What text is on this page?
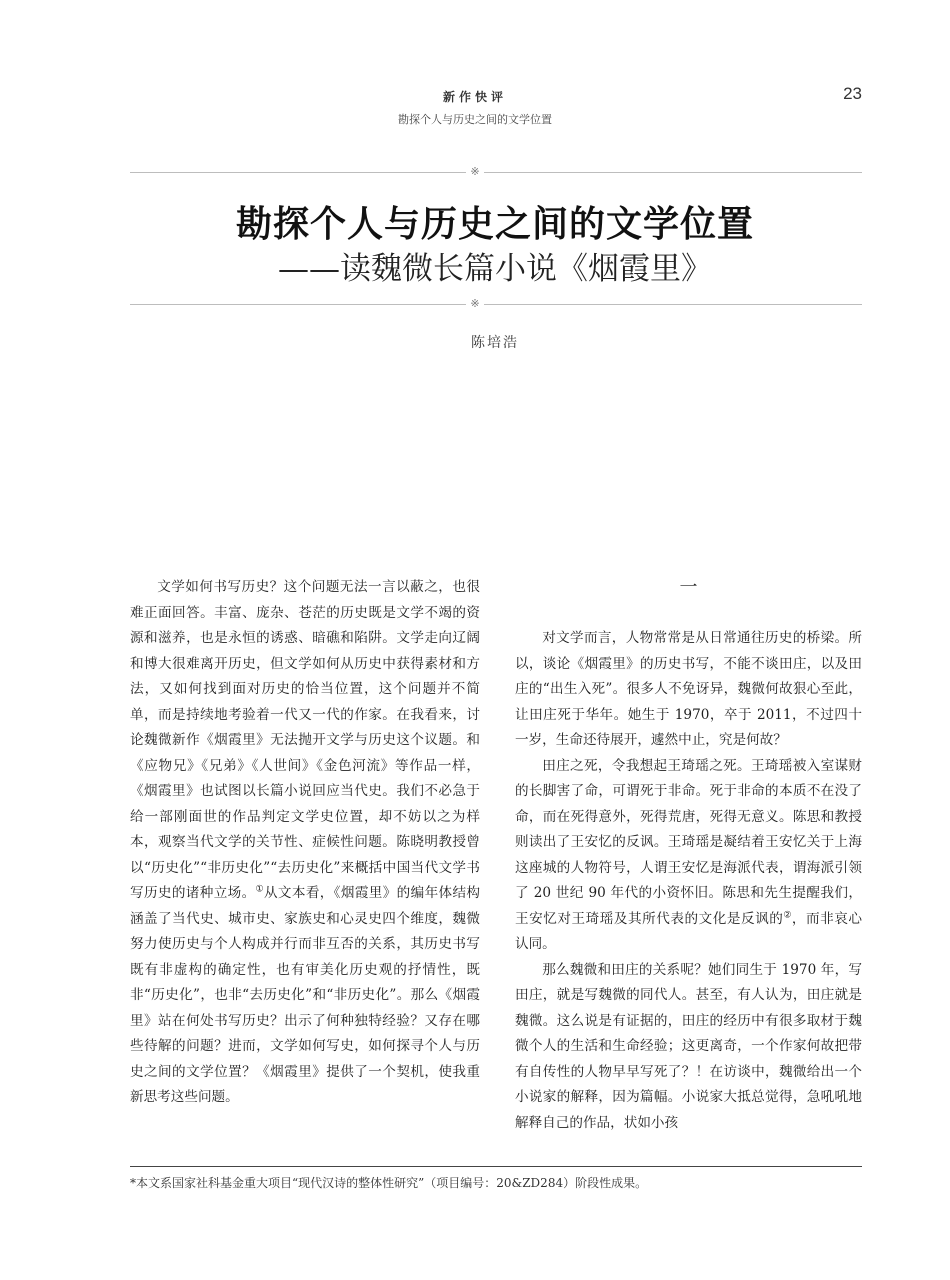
新作快评
勘探个人与历史之间的文学位置
23
※
勘探个人与历史之间的文学位置
——读魏微长篇小说《烟霞里》
※
陈培浩

文学如何书写历史？这个问题无法一言以蔽之，也很难正面回答。丰富、庞杂、苍茫的历史既是文学不竭的资源和滋养，也是永恒的诱惑、暗礁和陷阱。文学走向辽阔和博大很难离开历史，但文学如何从历史中获得素材和方法，又如何找到面对历史的恰当位置，这个问题并不简单，而是持续地考验着一代又一代的作家。在我看来，讨论魏微新作《烟霞里》无法抛开文学与历史这个议题。和《应物兄》《兄弟》《人世间》《金色河流》等作品一样，《烟霞里》也试图以长篇小说回应当代史。我们不必急于给一部刚面世的作品判定文学史位置，却不妨以之为样本，观察当代文学的关节性、症候性问题。陈晓明教授曾以“历史化”“非历史化”“去历史化”来概括中国当代文学书写历史的诸种立场。①从文本看，《烟霞里》的编年体结构涵盖了当代史、城市史、家族史和心灵史四个维度，魏微努力使历史与个人构成并行而非互否的关系，其历史书写既有非虚构的确定性，也有审美化历史观的抒情性，既非“历史化”，也非“去历史化”和“非历史化”。那么《烟霞里》站在何处书写历史？出示了何种独特经验？又存在哪些待解的问题？进而，文学如何写史，如何探寻个人与历史之间的文学位置？《烟霞里》提供了一个契机，使我重新思考这些问题。

一

对文学而言，人物常常是从日常通往历史的桥梁。所以，谈论《烟霞里》的历史书写，不能不谈田庄，以及田庄的“出生入死”。很多人不免讶异，魏微何故狠心至此，让田庄死于华年。她生于 1970，卒于 2011，不过四十一岁，生命还待展开，遽然中止，究是何故？

田庄之死，令我想起王琦瑶之死。王琦瑶被入室谋财的长脚害了命，可谓死于非命。死于非命的本质不在没了命，而在死得意外，死得荒唐，死得无意义。陈思和教授则读出了王安忆的反讽。王琦瑶是凝结着王安忆关于上海这座城的人物符号，人谓王安忆是海派代表，谓海派引领了 20 世纪 90 年代的小资怀旧。陈思和先生提醒我们，王安忆对王琦瑶及其所代表的文化是反讽的②，而非哀心认同。

那么魏微和田庄的关系呢？她们同生于 1970 年，写田庄，就是写魏微的同代人。甚至，有人认为，田庄就是魏微。这么说是有证据的，田庄的经历中有很多取材于魏微个人的生活和生命经验；这更离奇，一个作家何故把带有自传性的人物早早写死了？！在访谈中，魏微给出一个小说家的解释，因为篇幅。小说家大抵总觉得，急吼吼地解释自己的作品，状如小孩

*本文系国家社科基金重大项目“现代汉诗的整体性研究”（项目编号：20&ZD284）阶段性成果。
